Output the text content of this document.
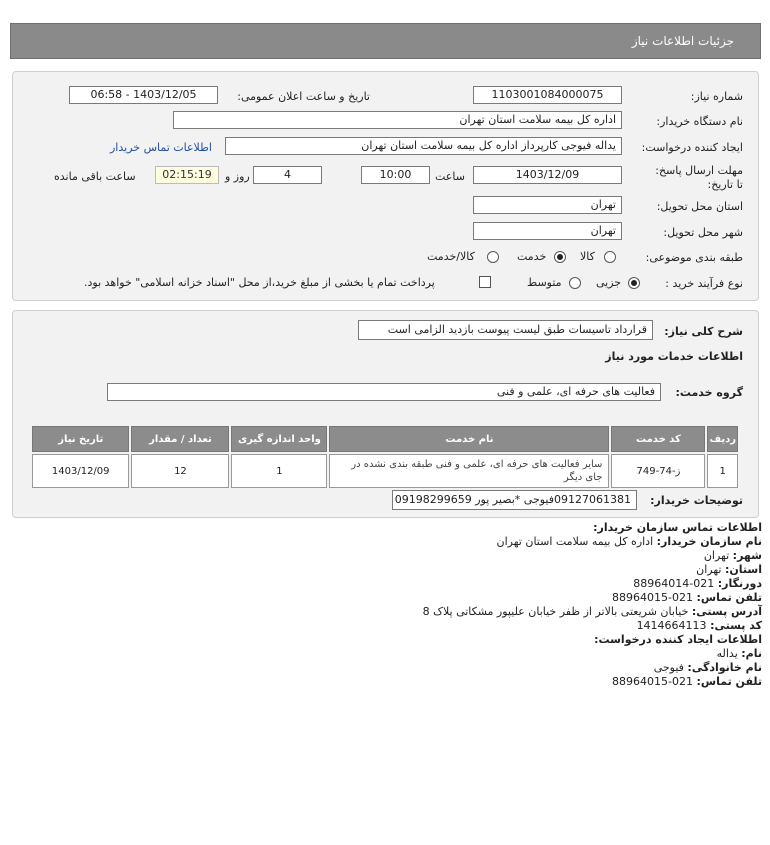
جزئیات اطلاعات نیاز
شماره نیاز:
1103001084000075
تاریخ و ساعت اعلان عمومی:
1403/12/05 - 06:58
نام دستگاه خریدار:
اداره کل بیمه سلامت استان تهران
ایجاد کننده درخواست:
یداله فیوجی کارپرداز اداره کل بیمه سلامت استان تهران
اطلاعات تماس خریدار
مهلت ارسال پاسخ: تا تاریخ:
1403/12/09
ساعت
10:00
4
روز و
02:15:19
ساعت باقی مانده
استان محل تحویل:
تهران
شهر محل تحویل:
تهران
طبقه بندی موضوعی:
کالا
خدمت
کالا/خدمت
نوع فرآیند خرید :
جزیی
متوسط
پرداخت تمام یا بخشی از مبلغ خرید،از محل "اسناد خزانه اسلامی" خواهد بود.
شرح کلی نیاز:
قرارداد تاسیسات طبق لیست پیوست بازدید الزامی است
اطلاعات خدمات مورد نیاز
گروه خدمت:
فعالیت های حرفه ای، علمی و فنی
ردیف	کد خدمت	نام خدمت	واحد اندازه گیری	تعداد / مقدار	تاریخ نیاز
1	ز-74-749	سایر فعالیت های حرفه ای، علمی و فنی طبقه بندی نشده در جای دیگر	1	12	1403/12/09
توضیحات خریدار:
09127061381فیوجی *بصیر پور 09198299659
اطلاعات تماس سازمان خریدار:
نام سازمان خریدار: اداره کل بیمه سلامت استان تهران
شهر: تهران
استان: تهران
دورنگار: 021-88964014
تلفن تماس: 021-88964015
آدرس پستی: خیابان شریعتی بالاتر از ظفر خیابان علیپور مشکاتی پلاک 8
کد پستی: 1414664113
اطلاعات ایجاد کننده درخواست:
نام: یداله
نام خانوادگی: فیوجی
تلفن تماس: 021-88964015
